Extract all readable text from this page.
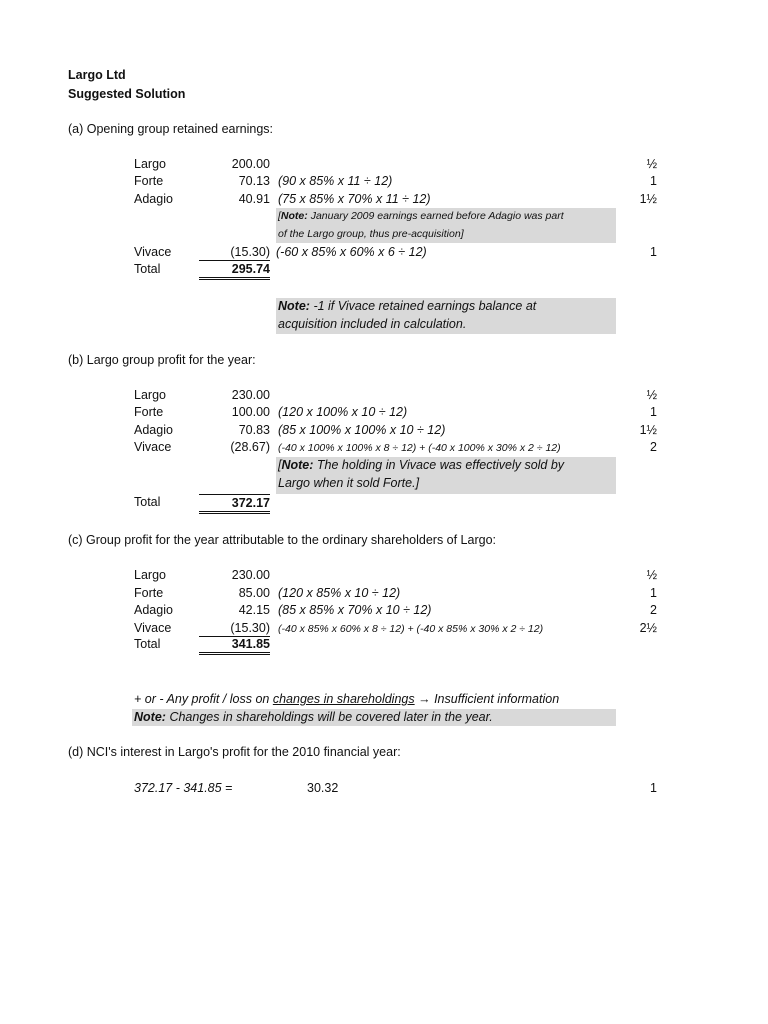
Largo Ltd
Suggested Solution
(a) Opening group retained earnings:
Largo	200.00	½
Forte	70.13 (90 x 85% x 11 ÷ 12)	1
Adagio	40.91 (75 x 85% x 70% x 11 ÷ 12)	1½
[Note: January 2009 earnings earned before Adagio was part
of the Largo group, thus pre-acquisition]
Vivace	(15.30) (-60 x 85% x 60% x 6 ÷ 12)	1
Total	295.74
Note: -1 if Vivace retained earnings balance at
acquisition included in calculation.
(b) Largo group profit for the year:
Largo	230.00	½
Forte	100.00 (120 x 100% x 10 ÷ 12)	1
Adagio	70.83 (85 x 100% x 100% x 10 ÷ 12)	1½
Vivace	(28.67) (-40 x 100% x 100% x 8 ÷ 12) + (-40 x 100% x 30% x 2 ÷ 12)	2
[Note: The holding in Vivace was effectively sold by
Largo when it sold Forte.]
Total	372.17
(c) Group profit for the year attributable to the ordinary shareholders of Largo:
Largo	230.00	½
Forte	85.00 (120 x 85% x 10 ÷ 12)	1
Adagio	42.15 (85 x 85% x 70% x 10 ÷ 12)	2
Vivace	(15.30) (-40 x 85% x 60% x 8 ÷ 12) + (-40 x 85% x 30% x 2 ÷ 12)	2½
Total	341.85
+ or - Any profit / loss on changes in shareholdings → Insufficient information
Note: Changes in shareholdings will be covered later in the year.
(d) NCI's interest in Largo's profit for the 2010 financial year:
372.17 - 341.85 =	30.32	1
